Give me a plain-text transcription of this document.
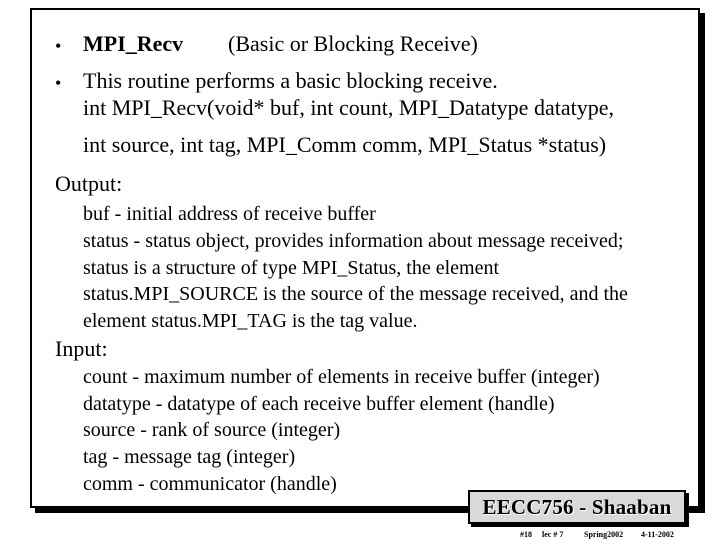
• MPI_Recv (Basic or Blocking Receive)
• This routine performs a basic blocking receive.
int MPI_Recv(void* buf, int count, MPI_Datatype datatype,
int source, int tag, MPI_Comm comm, MPI_Status *status)
Output:
buf - initial address of receive buffer
status - status object, provides information about message received;
status is a structure of type MPI_Status, the element
status.MPI_SOURCE is the source of the message received, and the
element status.MPI_TAG is the tag value.
Input:
count - maximum number of elements in receive buffer (integer)
datatype - datatype of each receive buffer element (handle)
source - rank of source (integer)
tag - message tag (integer)
comm - communicator (handle)
EECC756 - Shaaban
#18 lec # 7	Spring2002 4-11-2002
